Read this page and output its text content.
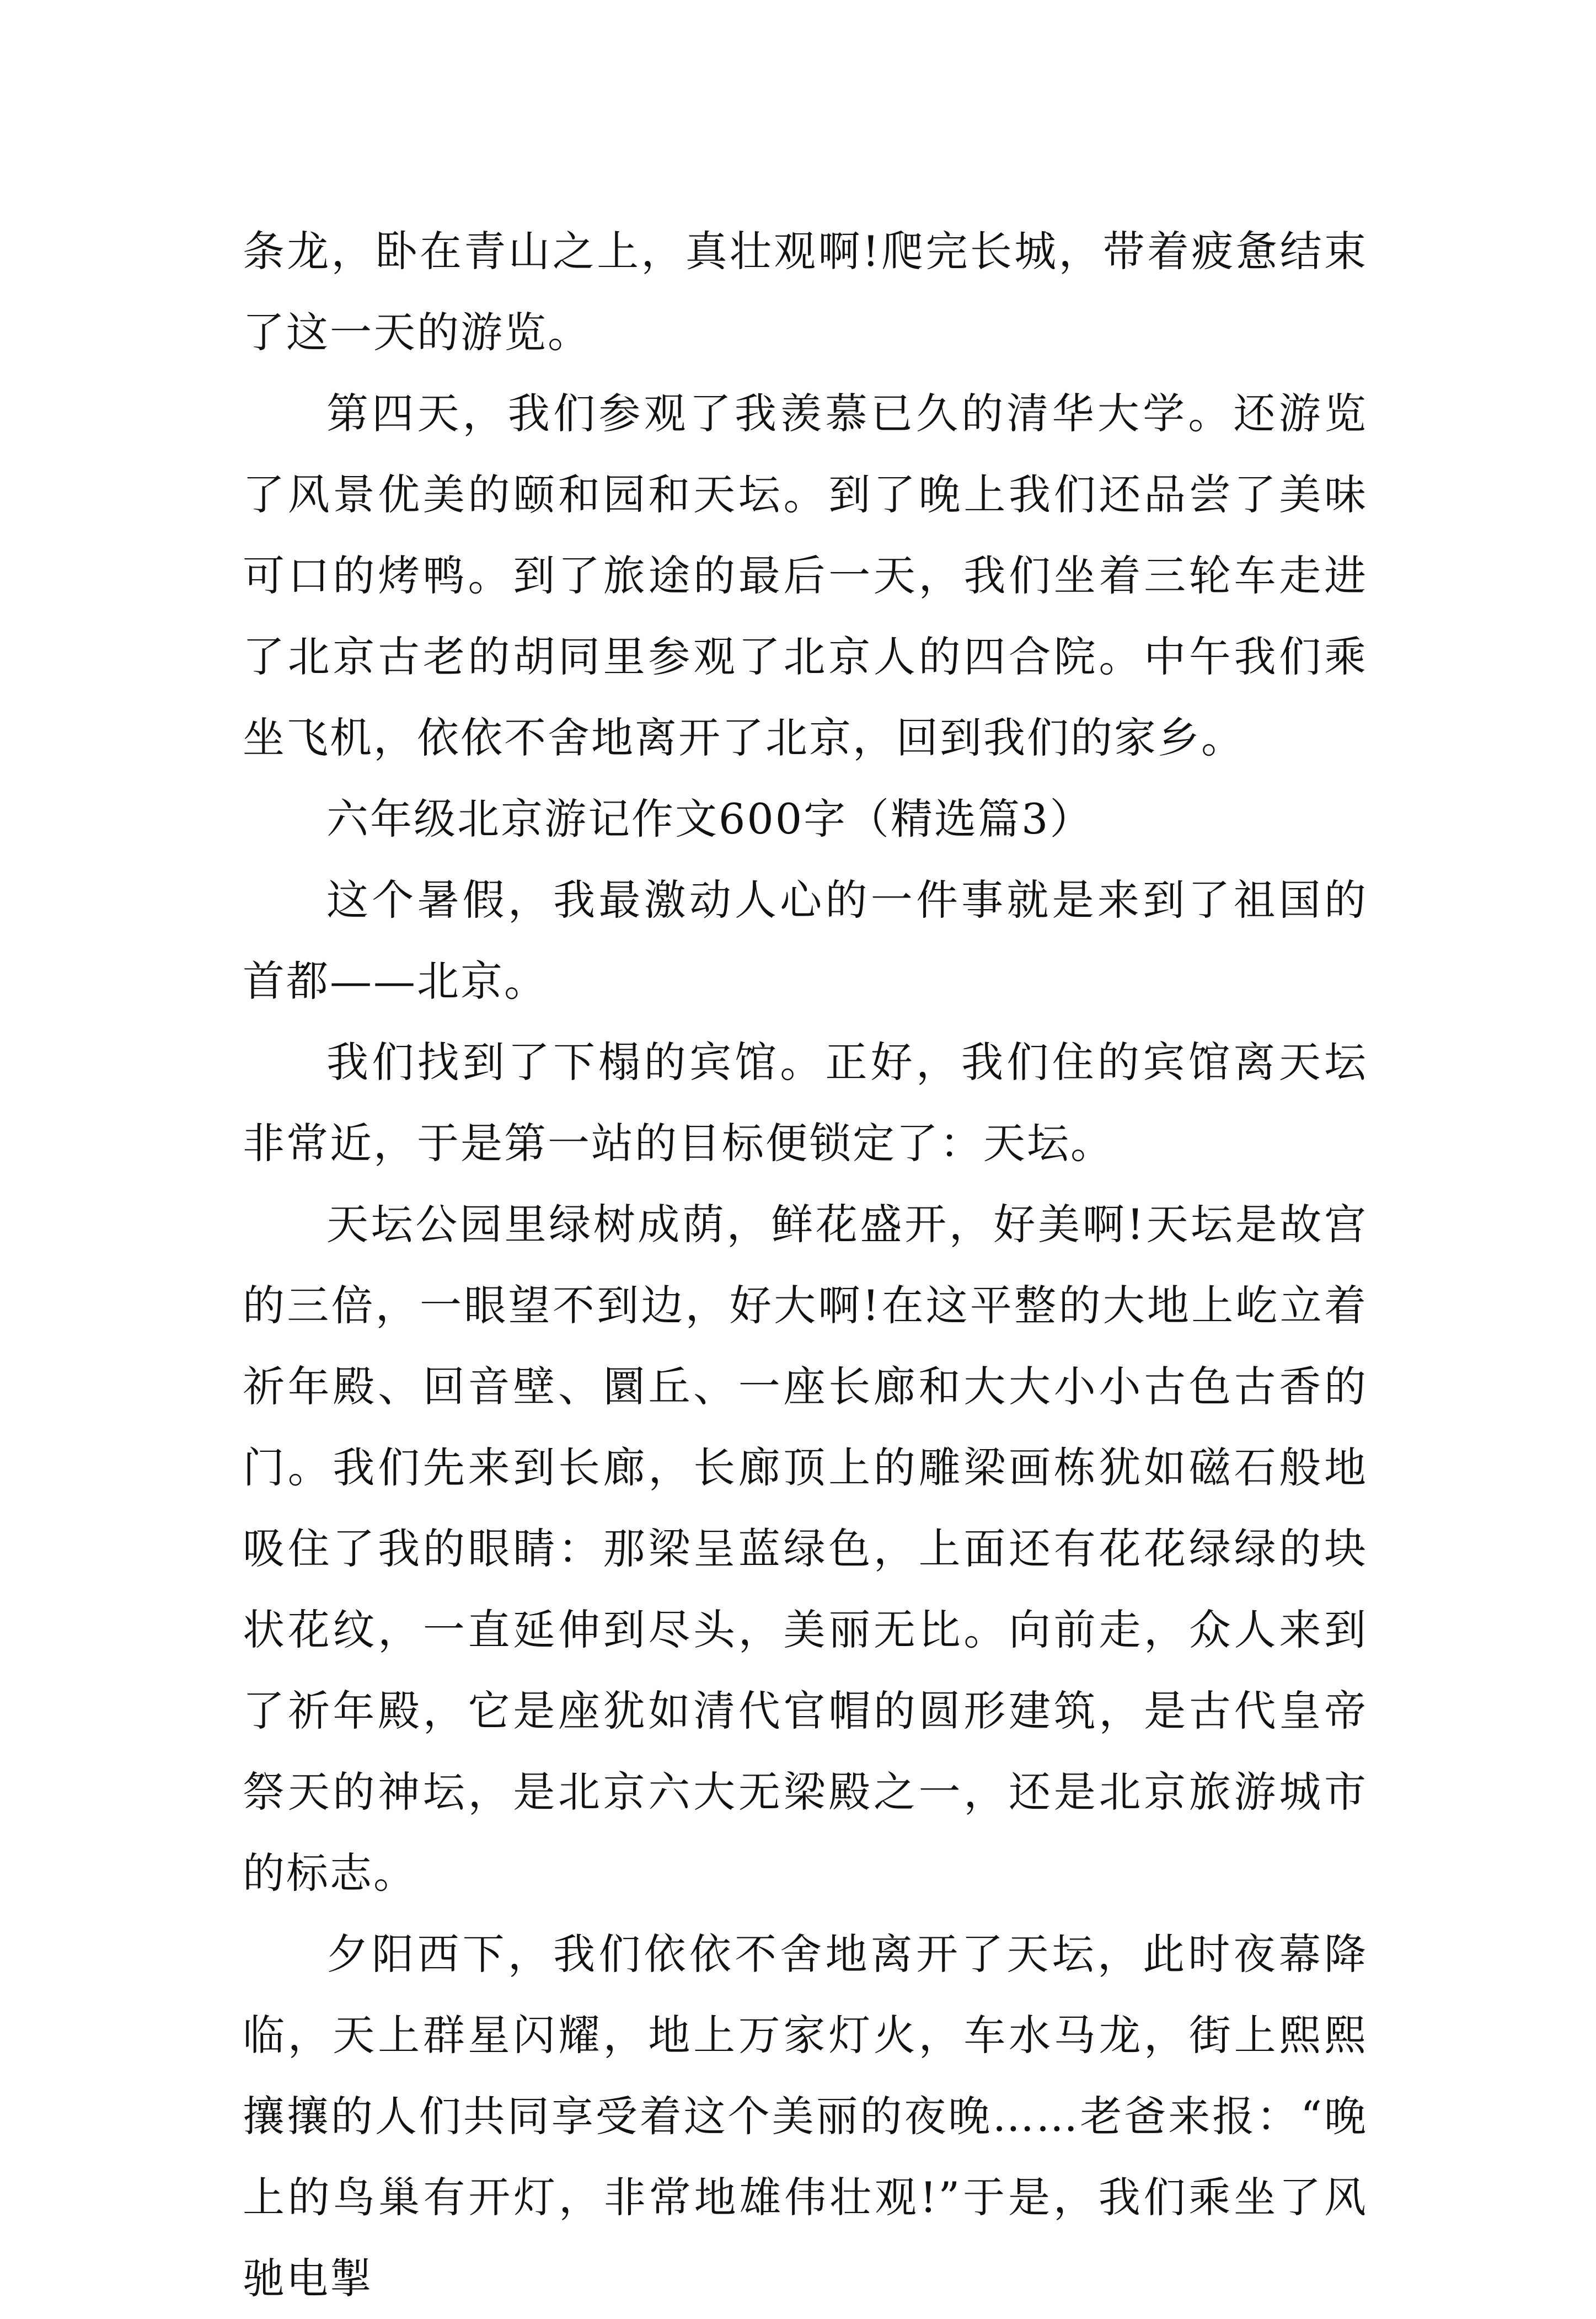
条龙，卧在青山之上，真壮观啊!爬完长城，带着疲惫结束了这一天的游览。

第四天，我们参观了我羡慕已久的清华大学。还游览了风景优美的颐和园和天坛。到了晚上我们还品尝了美味可口的烤鸭。到了旅途的最后一天，我们坐着三轮车走进了北京古老的胡同里参观了北京人的四合院。中午我们乘坐飞机，依依不舍地离开了北京，回到我们的家乡。

六年级北京游记作文600字（精选篇3）

这个暑假，我最激动人心的一件事就是来到了祖国的首都——北京。

我们找到了下榻的宾馆。正好，我们住的宾馆离天坛非常近，于是第一站的目标便锁定了：天坛。

天坛公园里绿树成荫，鲜花盛开，好美啊!天坛是故宫的三倍，一眼望不到边，好大啊!在这平整的大地上屹立着祈年殿、回音壁、圜丘、一座长廊和大大小小古色古香的门。我们先来到长廊，长廊顶上的雕梁画栋犹如磁石般地吸住了我的眼睛：那梁呈蓝绿色，上面还有花花绿绿的块状花纹，一直延伸到尽头，美丽无比。向前走，众人来到了祈年殿，它是座犹如清代官帽的圆形建筑，是古代皇帝祭天的神坛，是北京六大无梁殿之一，还是北京旅游城市的标志。

夕阳西下，我们依依不舍地离开了天坛，此时夜幕降临，天上群星闪耀，地上万家灯火，车水马龙，街上熙熙攘攘的人们共同享受着这个美丽的夜晚……老爸来报：“晚上的鸟巢有开灯，非常地雄伟壮观!”于是，我们乘坐了风驰电掣
